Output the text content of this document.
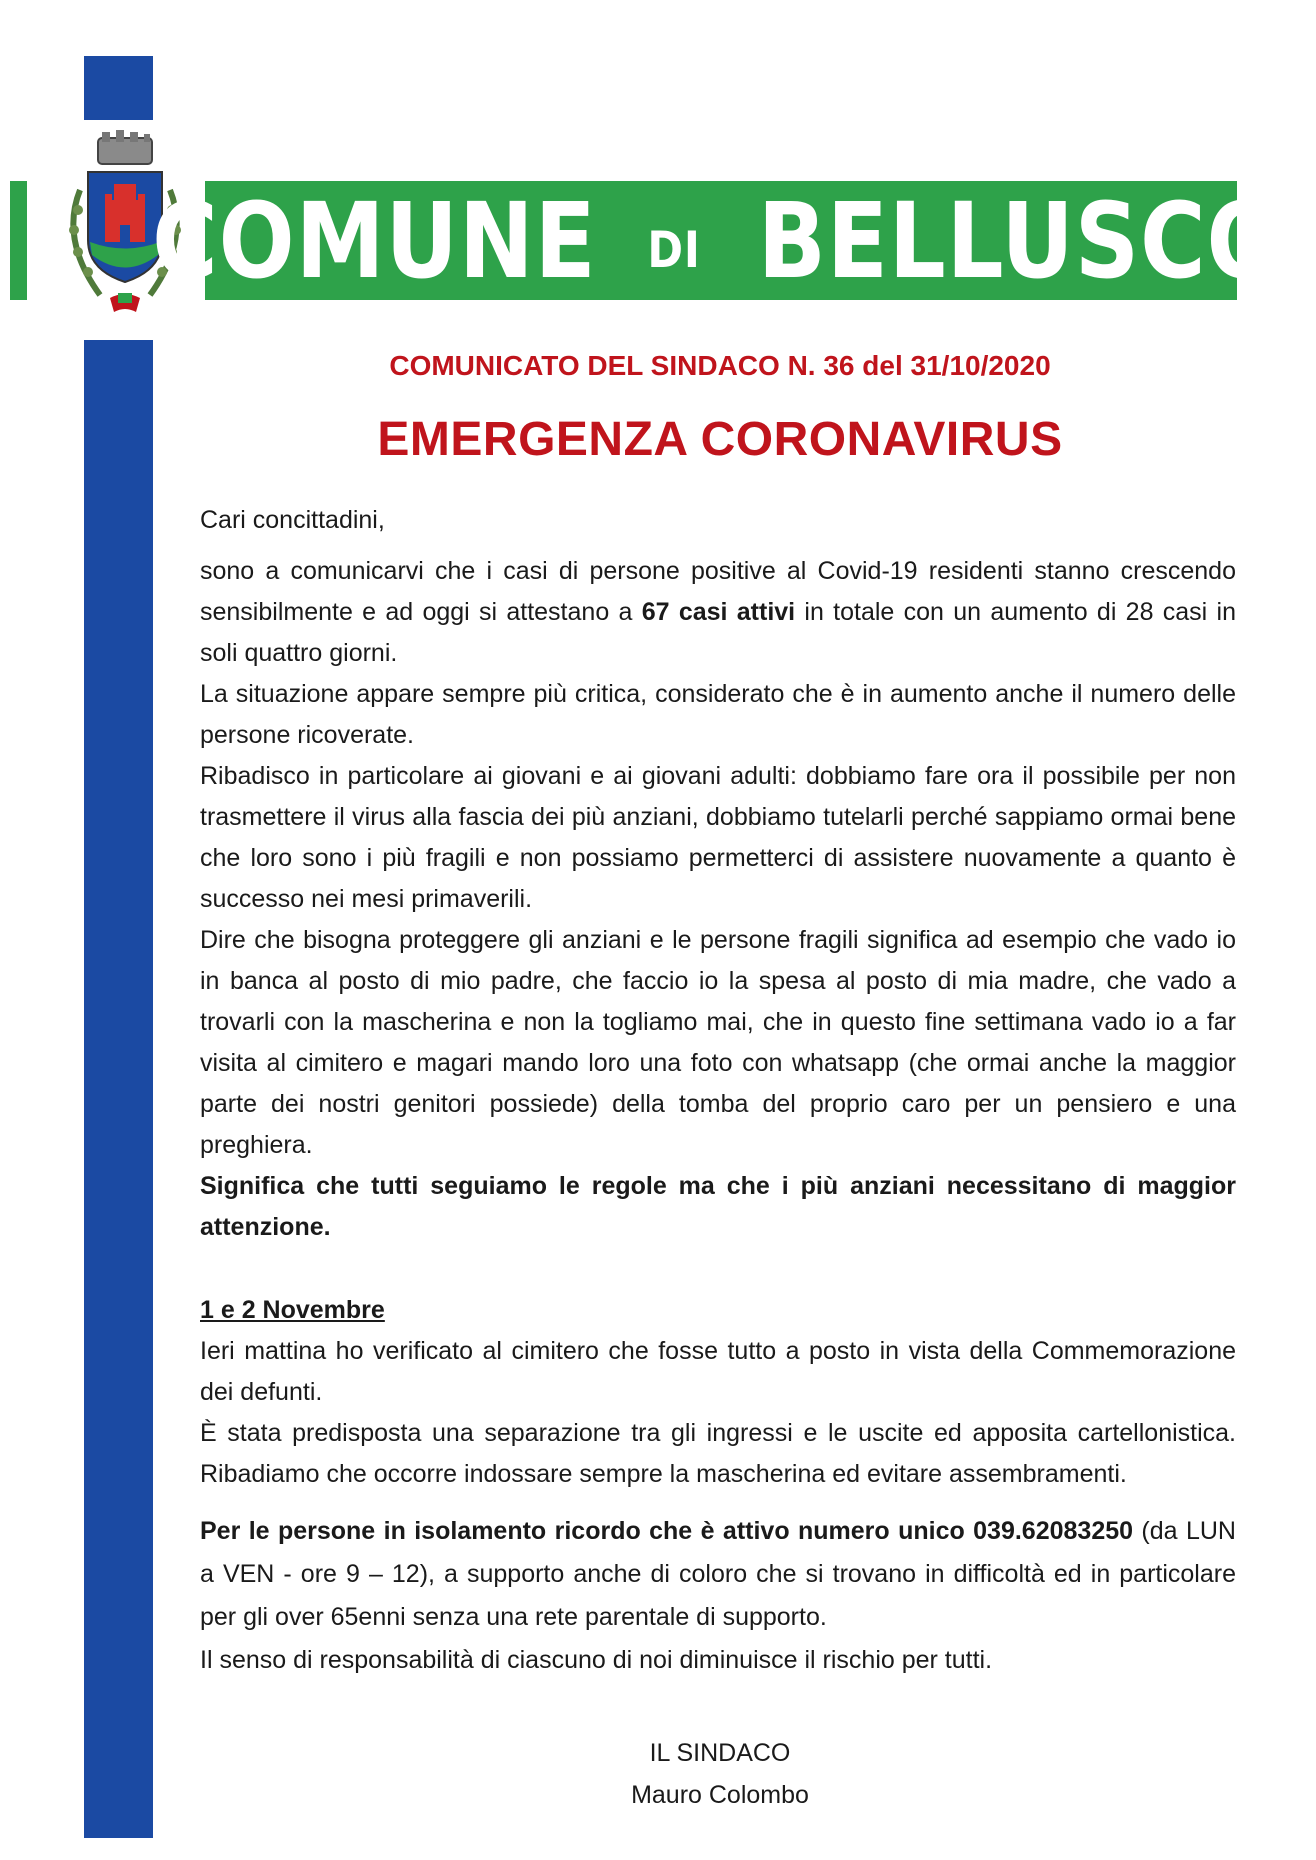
COMUNE DI BELLUSCO
COMUNICATO DEL SINDACO N. 36 del 31/10/2020
EMERGENZA CORONAVIRUS
Cari concittadini,

sono a comunicarvi che i casi di persone positive al Covid-19 residenti stanno crescendo sensibilmente e ad oggi si attestano a 67 casi attivi in totale con un aumento di 28 casi in soli quattro giorni.

La situazione appare sempre più critica, considerato che è in aumento anche il numero delle persone ricoverate.

Ribadisco in particolare ai giovani e ai giovani adulti: dobbiamo fare ora il possibile per non trasmettere il virus alla fascia dei più anziani, dobbiamo tutelarli perché sappiamo ormai bene che loro sono i più fragili e non possiamo permetterci di assistere nuovamente a quanto è successo nei mesi primaverili.

Dire che bisogna proteggere gli anziani e le persone fragili significa ad esempio che vado io in banca al posto di mio padre, che faccio io la spesa al posto di mia madre, che vado a trovarli con la mascherina e non la togliamo mai, che in questo fine settimana vado io a far visita al cimitero e magari mando loro una foto con whatsapp (che ormai anche la maggior parte dei nostri genitori possiede) della tomba del proprio caro per un pensiero e una preghiera.

Significa che tutti seguiamo le regole ma che i più anziani necessitano di maggior attenzione.

1 e 2 Novembre

Ieri mattina ho verificato al cimitero che fosse tutto a posto in vista della Commemorazione dei defunti.

È stata predisposta una separazione tra gli ingressi e le uscite ed apposita cartellonistica. Ribadiamo che occorre indossare sempre la mascherina ed evitare assembramenti.

Per le persone in isolamento ricordo che è attivo numero unico 039.62083250 (da LUN a VEN - ore 9 – 12), a supporto anche di coloro che si trovano in difficoltà ed in particolare per gli over 65enni senza una rete parentale di supporto.

Il senso di responsabilità di ciascuno di noi diminuisce il rischio per tutti.

IL SINDACO
Mauro Colombo
